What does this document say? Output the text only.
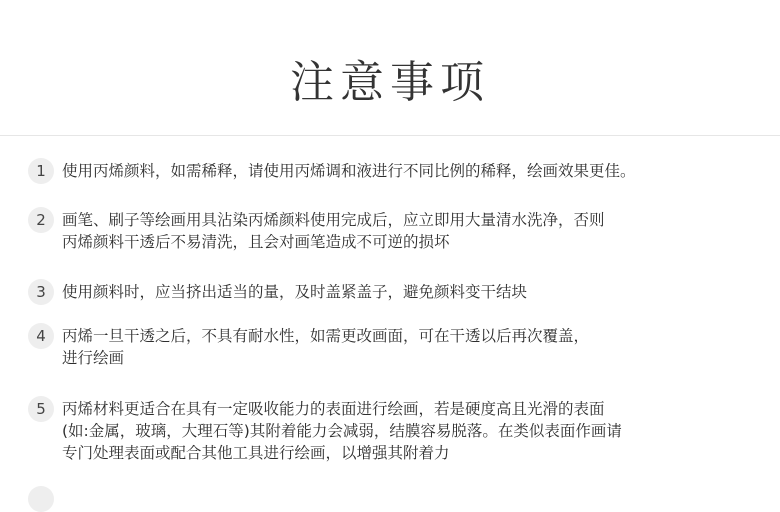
注意事项
1	使用丙烯颜料，如需稀释，请使用丙烯调和液进行不同比例的稀释，绘画效果更佳。
2	画笔、刷子等绘画用具沾染丙烯颜料使用完成后，应立即用大量清水洗净，否则
丙烯颜料干透后不易清洗，且会对画笔造成不可逆的损坏
3	使用颜料时，应当挤出适当的量，及时盖紧盖子，避免颜料变干结块
4	丙烯一旦干透之后，不具有耐水性，如需更改画面，可在干透以后再次覆盖，
进行绘画
5	丙烯材料更适合在具有一定吸收能力的表面进行绘画，若是硬度高且光滑的表面
(如:金属，玻璃，大理石等)其附着能力会减弱，结膜容易脱落。在类似表面作画请
专门处理表面或配合其他工具进行绘画，以增强其附着力
